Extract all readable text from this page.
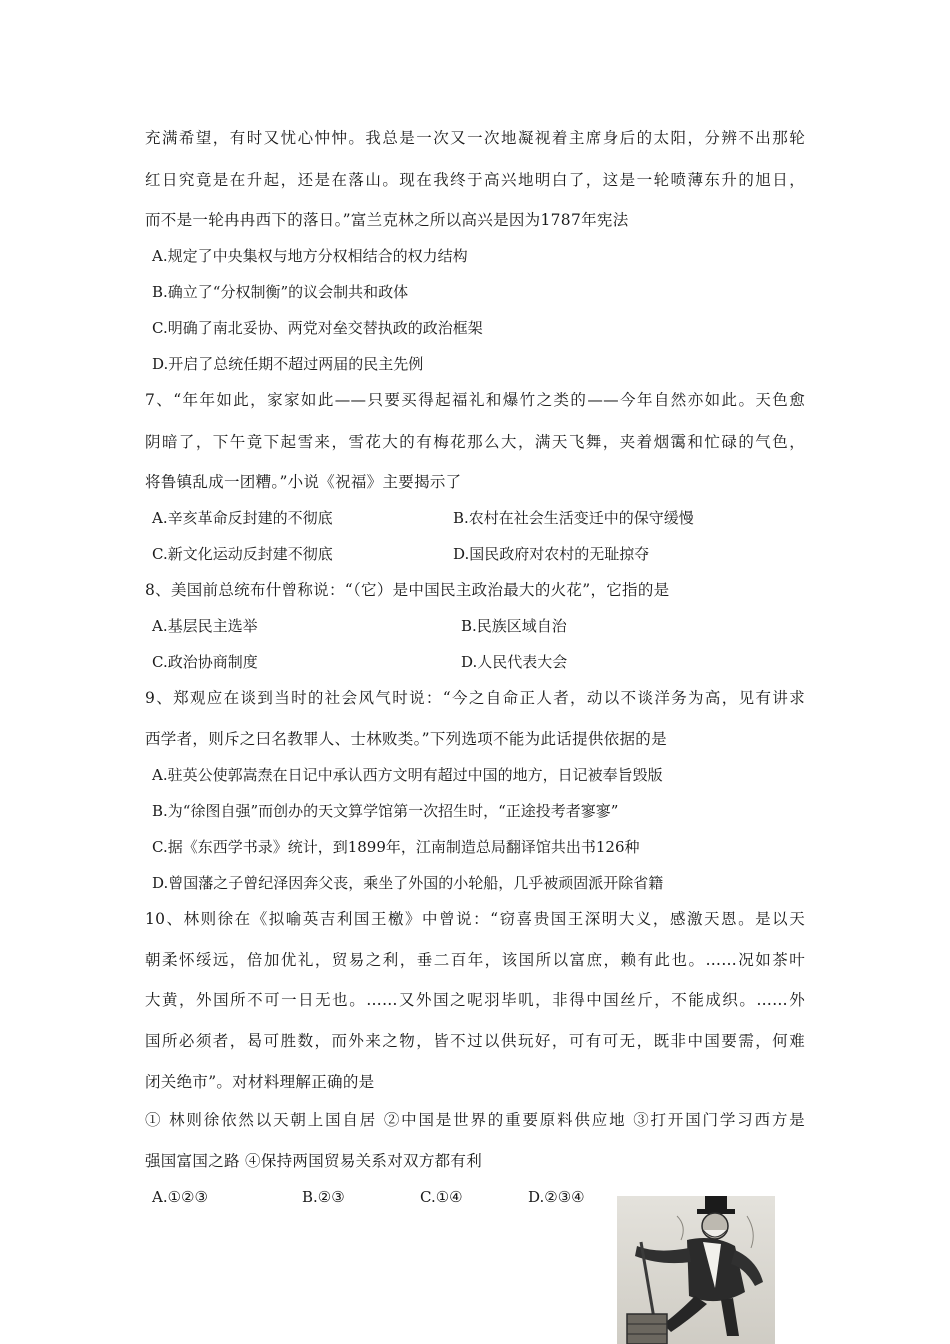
充满希望，有时又忧心忡忡。我总是一次又一次地凝视着主席身后的太阳，分辨不出那轮
红日究竟是在升起，还是在落山。现在我终于高兴地明白了，这是一轮喷薄东升的旭日，
而不是一轮冉冉西下的落日。”富兰克林之所以高兴是因为1787年宪法
A.规定了中央集权与地方分权相结合的权力结构
B.确立了“分权制衡”的议会制共和政体
C.明确了南北妥协、两党对垒交替执政的政治框架
D.开启了总统任期不超过两届的民主先例
7、“年年如此，家家如此——只要买得起福礼和爆竹之类的——今年自然亦如此。天色愈
阴暗了，下午竟下起雪来，雪花大的有梅花那么大，满天飞舞，夹着烟霭和忙碌的气色，
将鲁镇乱成一团糟。”小说《祝福》主要揭示了
A.辛亥革命反封建的不彻底	B.农村在社会生活变迁中的保守缓慢
C.新文化运动反封建不彻底	D.国民政府对农村的无耻掠夺
8、美国前总统布什曾称说：“（它）是中国民主政治最大的火花”，它指的是
A.基层民主选举	B.民族区域自治
C.政治协商制度	D.人民代表大会
9、郑观应在谈到当时的社会风气时说：“今之自命正人者，动以不谈洋务为高，见有讲求
西学者，则斥之曰名教罪人、士林败类。”下列选项不能为此话提供依据的是
A.驻英公使郭嵩焘在日记中承认西方文明有超过中国的地方，日记被奉旨毁版
B.为“徐图自强”而创办的天文算学馆第一次招生时，“正途投考者寥寥”
C.据《东西学书录》统计，到1899年，江南制造总局翻译馆共出书126种
D.曾国藩之子曾纪泽因奔父丧，乘坐了外国的小轮船，几乎被顽固派开除省籍
10、林则徐在《拟喻英吉利国王檄》中曾说：“窃喜贵国王深明大义，感激天恩。是以天
朝柔怀绥远，倍加优礼，贸易之利，垂二百年，该国所以富庶，赖有此也。……况如茶叶
大黄，外国所不可一日无也。……又外国之呢羽毕叽，非得中国丝斤，不能成织。……外
国所必须者，曷可胜数，而外来之物，皆不过以供玩好，可有可无，既非中国要需，何难
闭关绝市”。对材料理解正确的是
① 林则徐依然以天朝上国自居 ②中国是世界的重要原料供应地 ③打开国门学习西方是
强国富国之路 ④保持两国贸易关系对双方都有利
A.①②③	B.②③	C.①④	D.②③④
